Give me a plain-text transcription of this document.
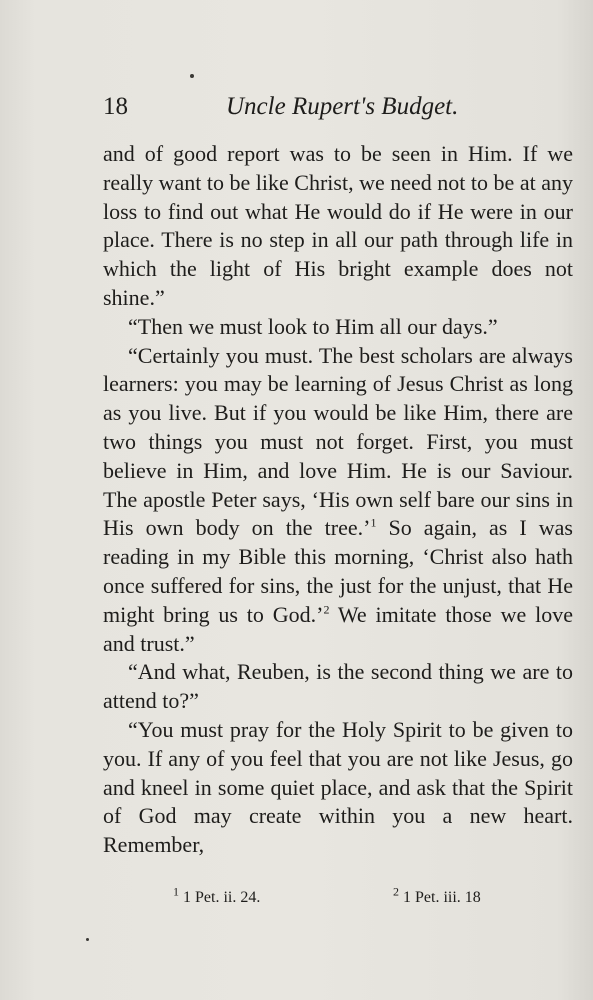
18	Uncle Rupert's Budget.

and of good report was to be seen in Him. If we really want to be like Christ, we need not to be at any loss to find out what He would do if He were in our place. There is no step in all our path through life in which the light of His bright example does not shine.”

“Then we must look to Him all our days.”

“Certainly you must. The best scholars are always learners: you may be learning of Jesus Christ as long as you live. But if you would be like Him, there are two things you must not forget. First, you must believe in Him, and love Him. He is our Saviour. The apostle Peter says, ‘His own self bare our sins in His own body on the tree.’$^1$ So again, as I was reading in my Bible this morning, ‘Christ also hath once suffered for sins, the just for the unjust, that He might bring us to God.’$^2$ We imitate those we love and trust.”

“And what, Reuben, is the second thing we are to attend to?”

“You must pray for the Holy Spirit to be given to you. If any of you feel that you are not like Jesus, go and kneel in some quiet place, and ask that the Spirit of God may create within you a new heart. Remember,

$^1$ 1 Pet. ii. 24.	$^2$ 1 Pet. iii. 18
